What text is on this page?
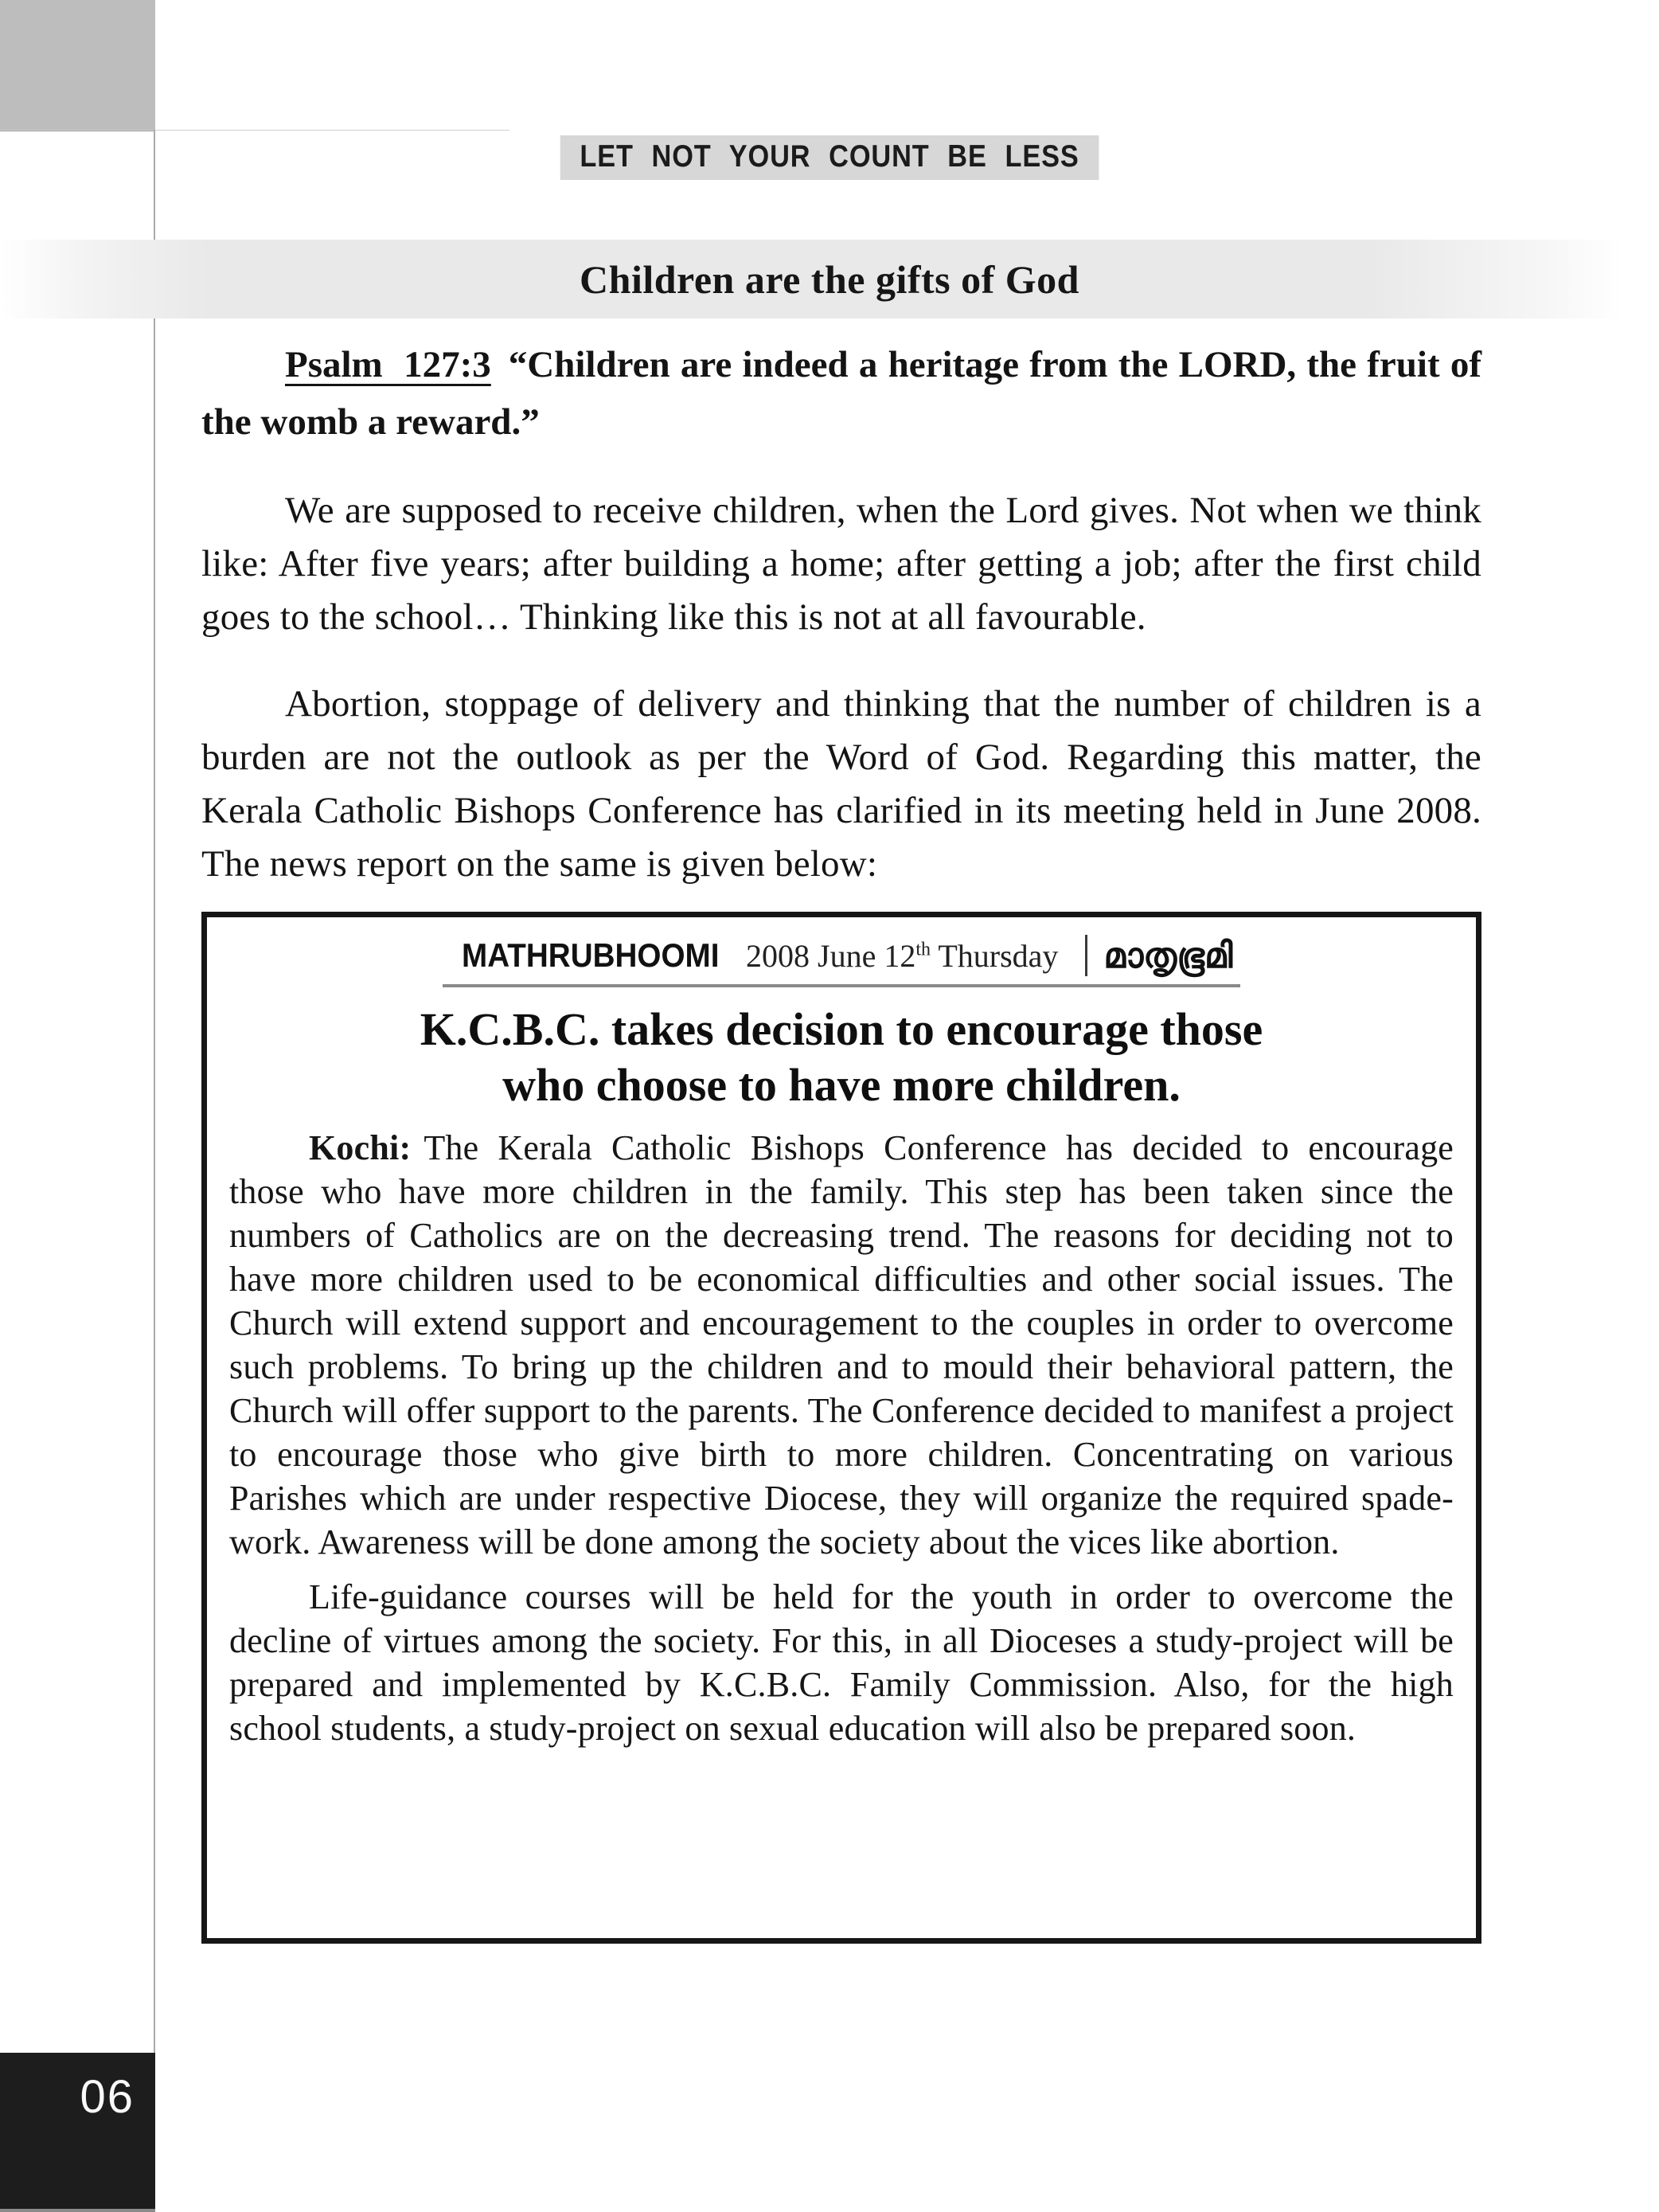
LET NOT YOUR COUNT BE LESS
Children are the gifts of God

Psalm  127:3 “Children are indeed a heritage from the LORD, the fruit of the womb a reward.”

We are supposed to receive children, when the Lord gives. Not when we think like: After five years; after building a home; after getting a job; after the first child goes to the school… Thinking like this is not at all favourable.

Abortion, stoppage of delivery and thinking that the number of children is a burden are not the outlook as per the Word of God. Regarding this matter, the Kerala Catholic Bishops Conference has clarified in its meeting held in June 2008. The news report on the same is given below:

MATHRUBHOOMI 2008 June 12th Thursday മാതൃഭൂമി
K.C.B.C. takes decision to encourage those
who choose to have more children.

Kochi: The Kerala Catholic Bishops Conference has decided to encourage those who have more children in the family. This step has been taken since the numbers of Catholics are on the decreasing trend. The reasons for deciding not to have more children used to be economical difficulties and other social issues. The Church will extend support and encouragement to the couples in order to overcome such problems. To bring up the children and to mould their behavioral pattern, the Church will offer support to the parents. The Conference decided to manifest a project to encourage those who give birth to more children. Concentrating on various Parishes which are under respective Diocese, they will organize the required spade-work. Awareness will be done among the society about the vices like abortion.

Life-guidance courses will be held for the youth in order to overcome the decline of virtues among the society. For this, in all Dioceses a study-project will be prepared and implemented by K.C.B.C. Family Commission. Also, for the high school students, a study-project on sexual education will also be prepared soon.

06
